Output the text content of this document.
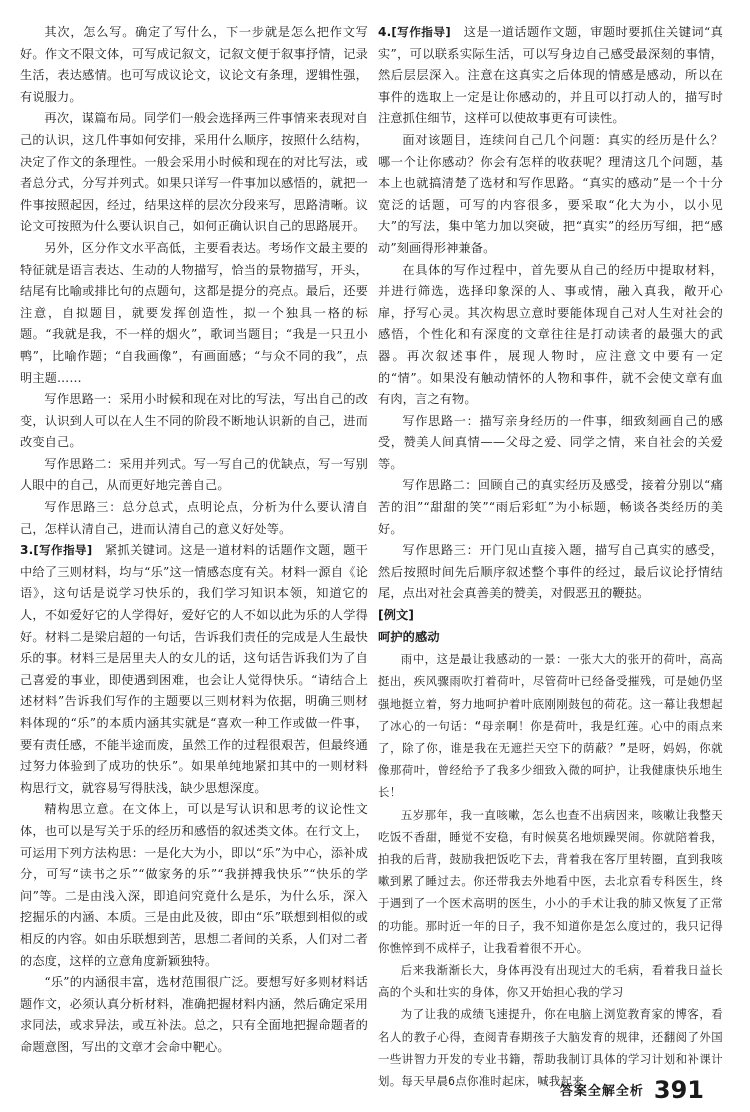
其次，怎么写。确定了写什么，下一步就是怎么把作文写好。作文不限文体，可写成记叙文，记叙文便于叙事抒情，记录生活，表达感情。也可写成议论文，议论文有条理，逻辑性强，有说服力。

再次，谋篇布局。同学们一般会选择两三件事情来表现对自己的认识，这几件事如何安排，采用什么顺序，按照什么结构，决定了作文的条理性。一般会采用小时候和现在的对比写法，或者总分式，分写并列式。如果只详写一件事加以感悟的，就把一件事按照起因，经过，结果这样的层次分段来写，思路清晰。议论文可按照为什么要认识自己，如何正确认识自己的思路展开。

另外，区分作文水平高低，主要看表达。考场作文最主要的特征就是语言表达、生动的人物描写，恰当的景物描写，开头，结尾有比喻或排比句的点题句，这都是提分的亮点。最后，还要注意，自拟题目，就要发挥创造性，拟一个独具一格的标题。“我就是我，不一样的烟火”，歌词当题目；“我是一只丑小鸭”，比喻作题；“自我画像”，有画面感；“与众不同的我”，点明主题……

写作思路一：采用小时候和现在对比的写法，写出自己的改变，认识到人可以在人生不同的阶段不断地认识新的自己，进而改变自己。

写作思路二：采用并列式。写一写自己的优缺点，写一写别人眼中的自己，从而更好地完善自己。

写作思路三：总分总式，点明论点，分析为什么要认清自己，怎样认清自己，进而认清自己的意义好处等。

3.[写作指导]　 紧抓关键词。这是一道材料的话题作文题，题干中给了三则材料，均与“乐”这一情感态度有关。材料一源自《论语》，这句话是说学习快乐的，我们学习知识本领，知道它的人，不如爱好它的人学得好，爱好它的人不如以此为乐的人学得好。材料二是梁启超的一句话，告诉我们责任的完成是人生最快乐的事。材料三是居里夫人的女儿的话，这句话告诉我们为了自己喜爱的事业，即使遇到困难，也会让人觉得快乐。“请结合上述材料”告诉我们写作的主题要以三则材料为依据，明确三则材料体现的“乐”的本质内涵其实就是“喜欢一种工作或做一件事，要有责任感，不能半途而废，虽然工作的过程很艰苦，但最终通过努力体验到了成功的快乐”。如果单纯地紧扣其中的一则材料构思行文，就容易写得肤浅，缺少思想深度。

精构思立意。在文体上，可以是写认识和思考的议论性文体，也可以是写关于乐的经历和感悟的叙述类文体。在行文上，可运用下列方法构思：一是化大为小，即以“乐”为中心，添补成分，可写“读书之乐”“做家务的乐”“我拼搏我快乐”“快乐的学问”等。二是由浅入深，即追问究竟什么是乐，为什么乐，深入挖掘乐的内涵、本质。三是由此及彼，即由“乐”联想到相似的或相反的内容。如由乐联想到苦，思想二者间的关系，人们对二者的态度，这样的立意角度新颖独特。

“乐”的内涵很丰富，选材范围很广泛。要想写好多则材料话题作文，必须认真分析材料，准确把握材料内涵，然后确定采用求同法，或求异法，或互补法。总之，只有全面地把握命题者的命题意图，写出的文章才会命中靶心。

4.[写作指导]　 这是一道话题作文题，审题时要抓住关键词“真实”，可以联系实际生活，可以写身边自己感受最深刻的事情，然后层层深入。注意在这真实之后体现的情感是感动，所以在事件的选取上一定是让你感动的，并且可以打动人的，描写时注意抓住细节，这样可以使故事更有可读性。

面对该题目，连续问自己几个问题：真实的经历是什么？哪一个让你感动？你会有怎样的收获呢？理清这几个问题，基本上也就搞清楚了选材和写作思路。“真实的感动”是一个十分宽泛的话题，可写的内容很多，要采取“化大为小，以小见大”的写法，集中笔力加以突破，把“真实”的经历写细，把“感动”刻画得形神兼备。

在具体的写作过程中，首先要从自己的经历中提取材料，并进行筛选，选择印象深的人、事或情，融入真我，敞开心扉，抒写心灵。其次构思立意时要能体现自己对人生对社会的感悟，个性化和有深度的文章往往是打动读者的最强大的武器。再次叙述事件，展现人物时，应注意文中要有一定的“情”。如果没有触动情怀的人物和事件，就不会使文章有血有肉，言之有物。

写作思路一：描写亲身经历的一件事，细致刻画自己的感受，赞美人间真情——父母之爱、同学之情，来自社会的关爱等。

写作思路二：回顾自己的真实经历及感受，接着分别以“痛苦的泪”“甜甜的笑”“雨后彩虹”为小标题，畅谈各类经历的美好。

写作思路三：开门见山直接入题，描写自己真实的感受，然后按照时间先后顺序叙述整个事件的经过，最后议论抒情结尾，点出对社会真善美的赞美，对假恶丑的鞭挞。

[例文]

呵护的感动

雨中，这是最让我感动的一景：一张大大的张开的荷叶，高高挺出，疾风骤雨吹打着荷叶，尽管荷叶已经备受摧残，可是她仍坚强地挺立着，努力地呵护着叶底刚刚鼓包的荷花。这一幕让我想起了冰心的一句话：“母亲啊！你是荷叶，我是红莲。心中的雨点来了，除了你，谁是我在无遮拦天空下的荫蔽？”是呀，妈妈，你就像那荷叶，曾经给予了我多少细致入微的呵护，让我健康快乐地生长！

五岁那年，我一直咳嗽，怎么也查不出病因来，咳嗽让我整天吃饭不香甜，睡觉不安稳，有时候莫名地烦躁哭闹。你就陪着我，拍我的后背，鼓励我把饭吃下去，背着我在客厅里转圈，直到我咳嗽到累了睡过去。你还带我去外地看中医，去北京看专科医生，终于遇到了一个医术高明的医生，小小的手术让我的肺又恢复了正常的功能。那时近一年的日子，我不知道你是怎么度过的，我只记得你憔悴到不成样子，让我看着很不开心。

后来我渐渐长大，身体再没有出现过大的毛病，看着我日益长高的个头和壮实的身体，你又开始担心我的学习

为了让我的成绩飞速提升，你在电脑上浏览教育家的博客，看名人的教子心得，查阅青春期孩子大脑发育的规律，还翻阅了外国一些讲智力开发的专业书籍，帮助我制订具体的学习计划和补课计划。每天早晨6点你准时起床，喊我起来

答案全解全析 391
